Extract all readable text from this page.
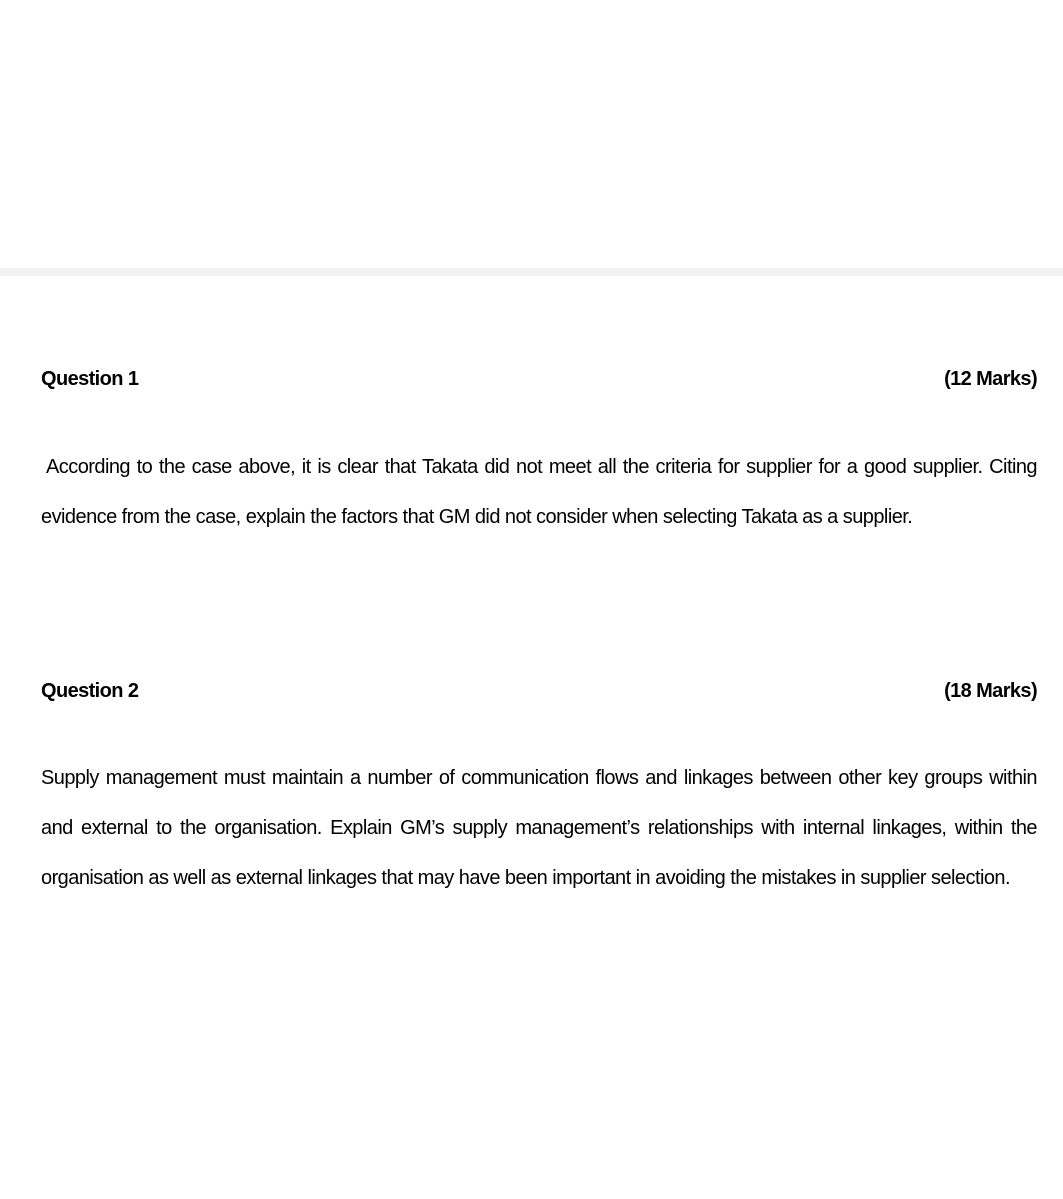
Question 1	(12 Marks)
According to the case above, it is clear that Takata did not meet all the criteria for supplier for a good supplier. Citing evidence from the case, explain the factors that GM did not consider when selecting Takata as a supplier.
Question 2	(18 Marks)
Supply management must maintain a number of communication flows and linkages between other key groups within and external to the organisation. Explain GM’s supply management’s relationships with internal linkages, within the organisation as well as external linkages that may have been important in avoiding the mistakes in supplier selection.
